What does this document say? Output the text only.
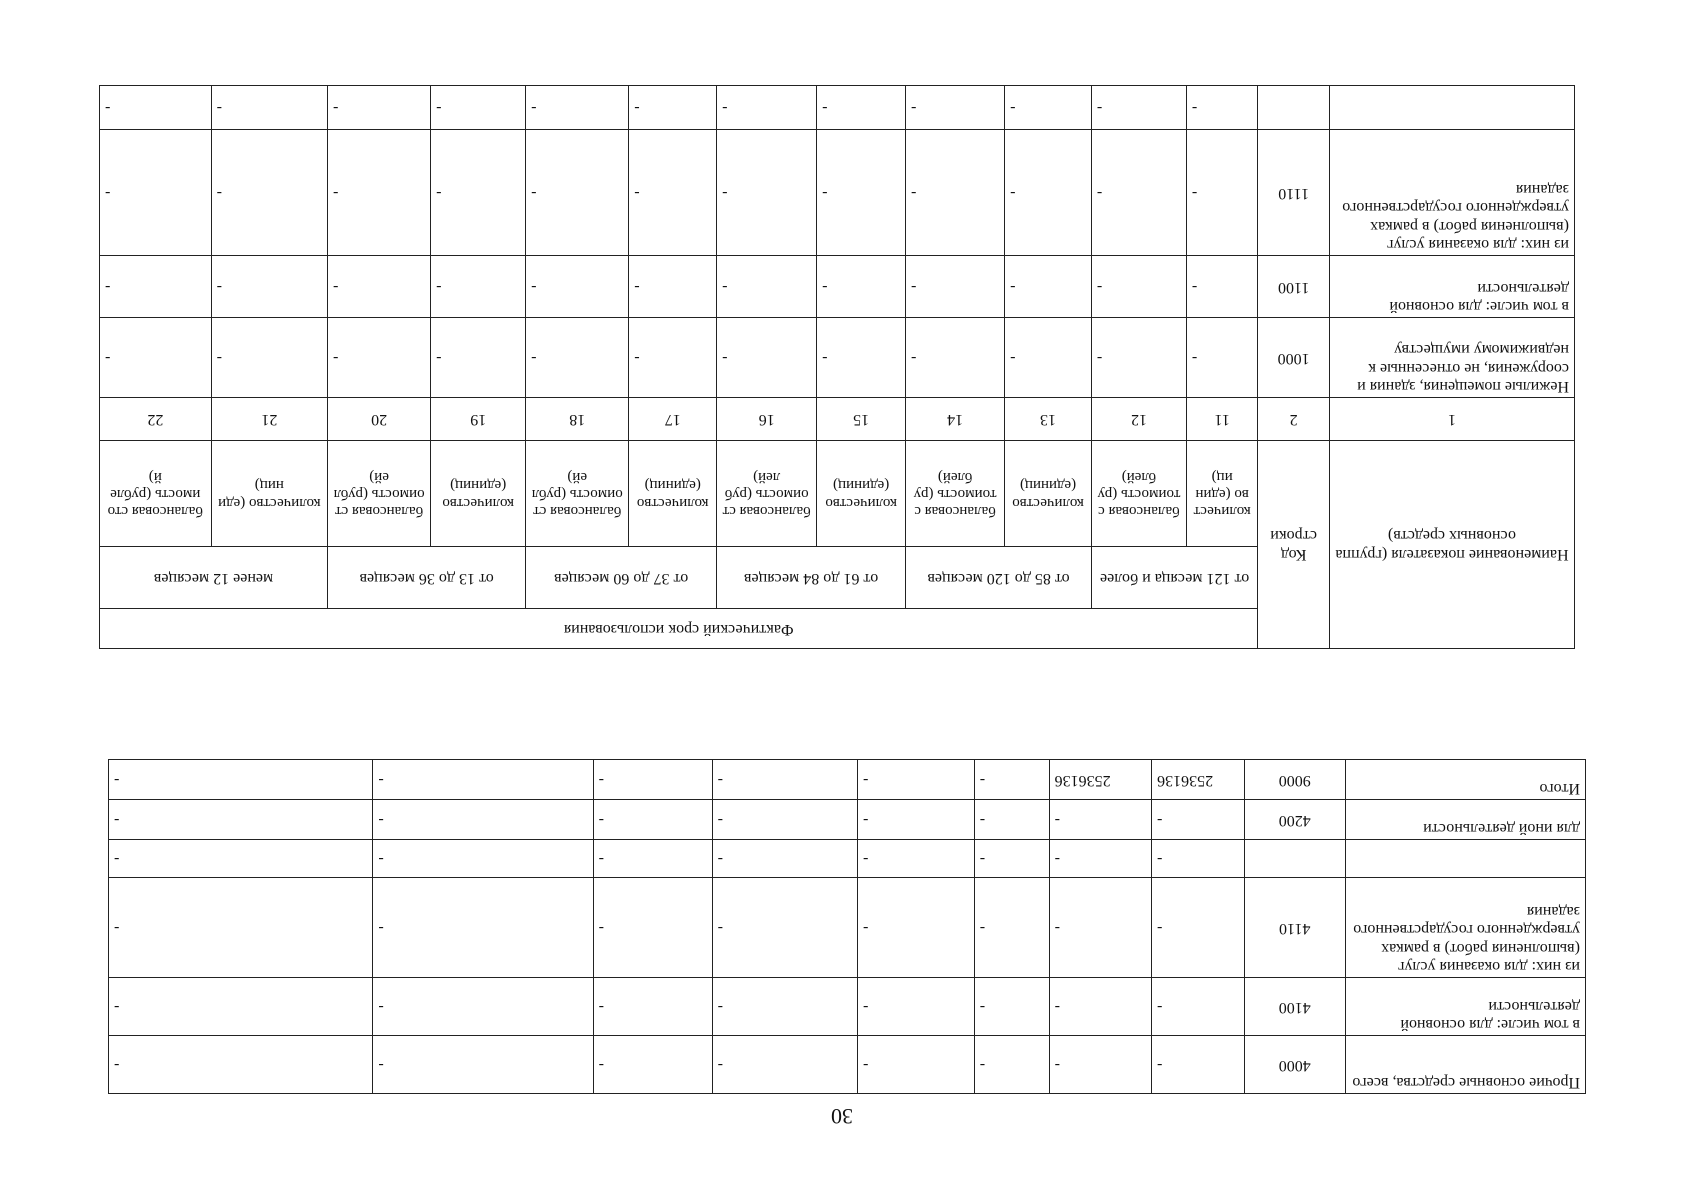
30
Прочие основные средства, всего	4000	-	-	-	-	-	-	-	-
в том числе: для основной деятельности	4100	-	-	-	-	-	-	-	-
из них: для оказания услуг (выполнения работ) в рамках утвержденного государственного задания	4110	-	-	-	-	-	-	-	-
		-	-	-	-	-	-	-	-
для иной деятельности	4200	-	-	-	-	-	-	-	-
Итого	9000	2536136	2536136	-	-	-	-	-	-
Наименование показателя (группа основных средств)	Код строки	Фактический срок использования											
		от 121 месяца и более		от 85 до 120 месяцев		от 61 до 84 месяцев		от 37 до 60 месяцев		от 13 до 36 месяцев		менее 12 месяцев	
		количество (единиц)	балансовая стоимость (рублей)	количество (единиц)	балансовая стоимость (рублей)	количество (единиц)	балансовая стоимость (рублей)	количество (единиц)	балансовая стоимость (рублей)	количество (единиц)	балансовая стоимость (рублей)	количество (единиц)	балансовая стоимость (рублей)
1	2	11	12	13	14	15	16	17	18	19	20	21	22
Нежилые помещения, здания и сооружения, не отнесенные к недвижимому имуществу	1000	-	-	-	-	-	-	-	-	-	-	-	-
в том числе: для основной деятельности	1100	-	-	-	-	-	-	-	-	-	-	-	-
из них: для оказания услуг (выполнения работ) в рамках утвержденного государственного задания	1110	-	-	-	-	-	-	-	-	-	-	-	-
		-	-	-	-	-	-	-	-	-	-	-	-
